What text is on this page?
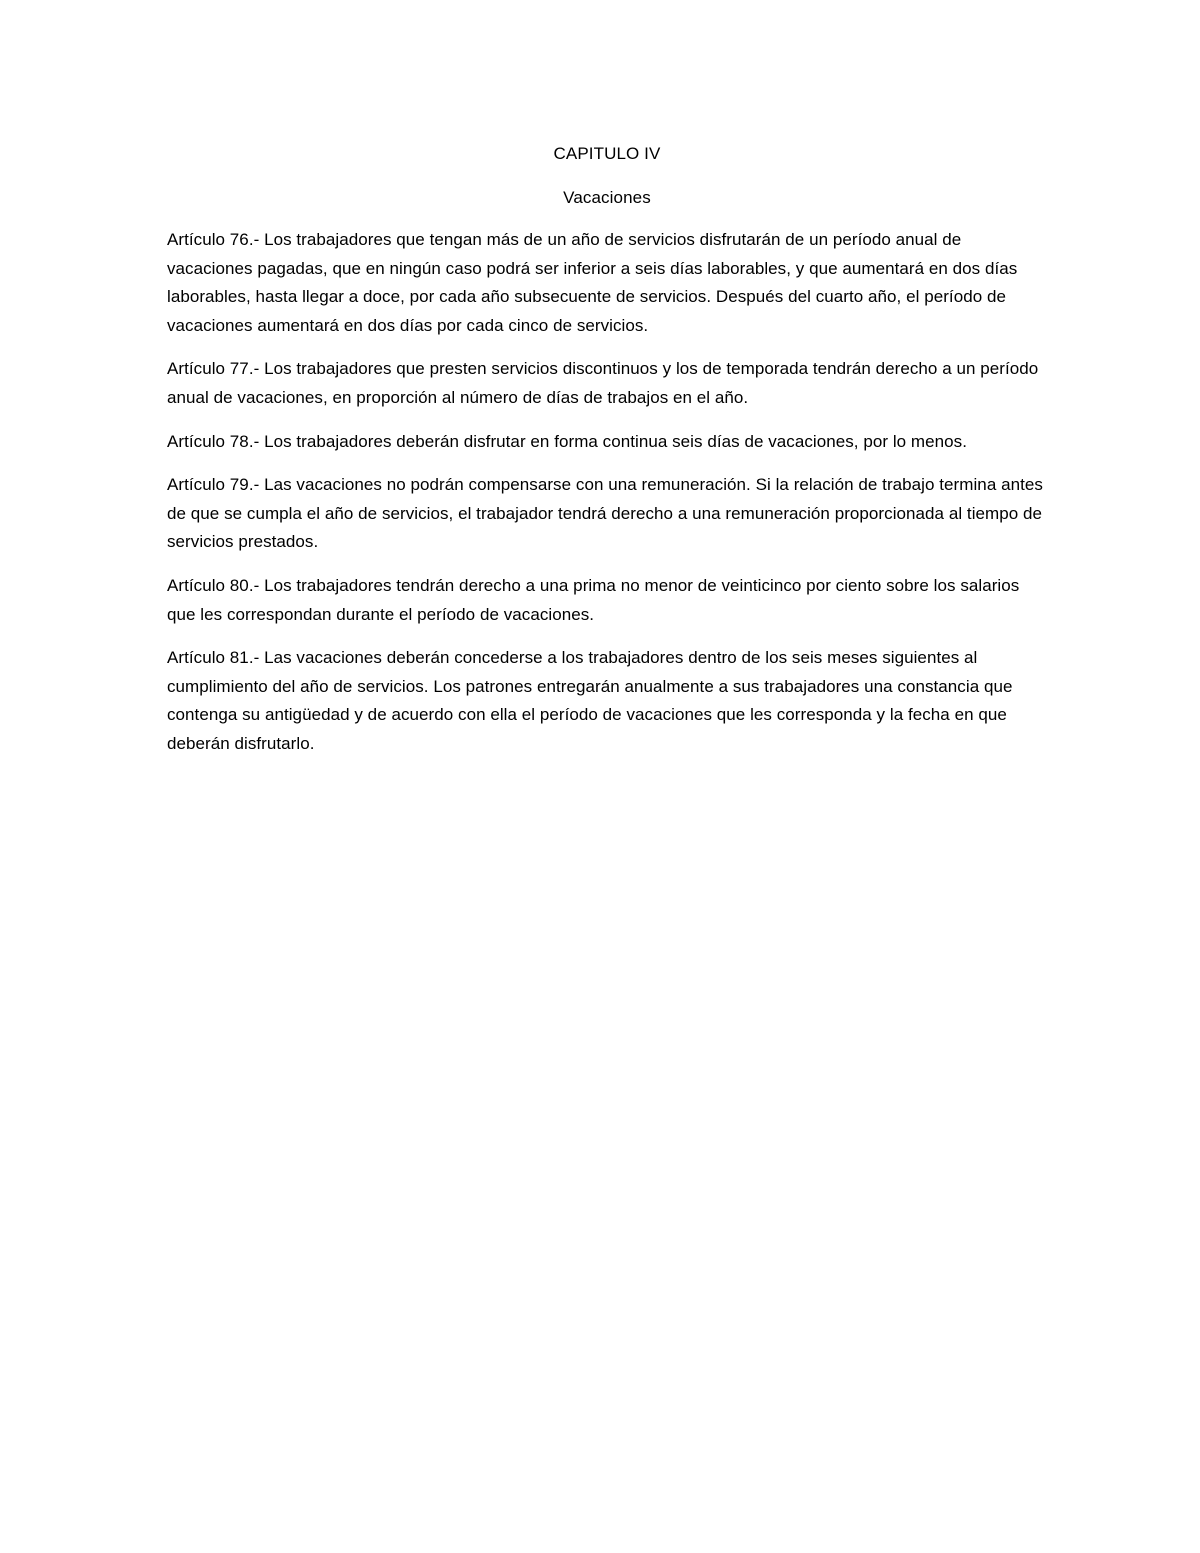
CAPITULO IV

Vacaciones

Artículo 76.- Los trabajadores que tengan más de un año de servicios disfrutarán de un período anual de vacaciones pagadas, que en ningún caso podrá ser inferior a seis días laborables, y que aumentará en dos días laborables, hasta llegar a doce, por cada año subsecuente de servicios. Después del cuarto año, el período de vacaciones aumentará en dos días por cada cinco de servicios.

Artículo 77.- Los trabajadores que presten servicios discontinuos y los de temporada tendrán derecho a un período anual de vacaciones, en proporción al número de días de trabajos en el año.

Artículo 78.- Los trabajadores deberán disfrutar en forma continua seis días de vacaciones, por lo menos.

Artículo 79.- Las vacaciones no podrán compensarse con una remuneración. Si la relación de trabajo termina antes de que se cumpla el año de servicios, el trabajador tendrá derecho a una remuneración proporcionada al tiempo de servicios prestados.

Artículo 80.- Los trabajadores tendrán derecho a una prima no menor de veinticinco por ciento sobre los salarios que les correspondan durante el período de vacaciones.

Artículo 81.- Las vacaciones deberán concederse a los trabajadores dentro de los seis meses siguientes al cumplimiento del año de servicios. Los patrones entregarán anualmente a sus trabajadores una constancia que contenga su antigüedad y de acuerdo con ella el período de vacaciones que les corresponda y la fecha en que deberán disfrutarlo.
